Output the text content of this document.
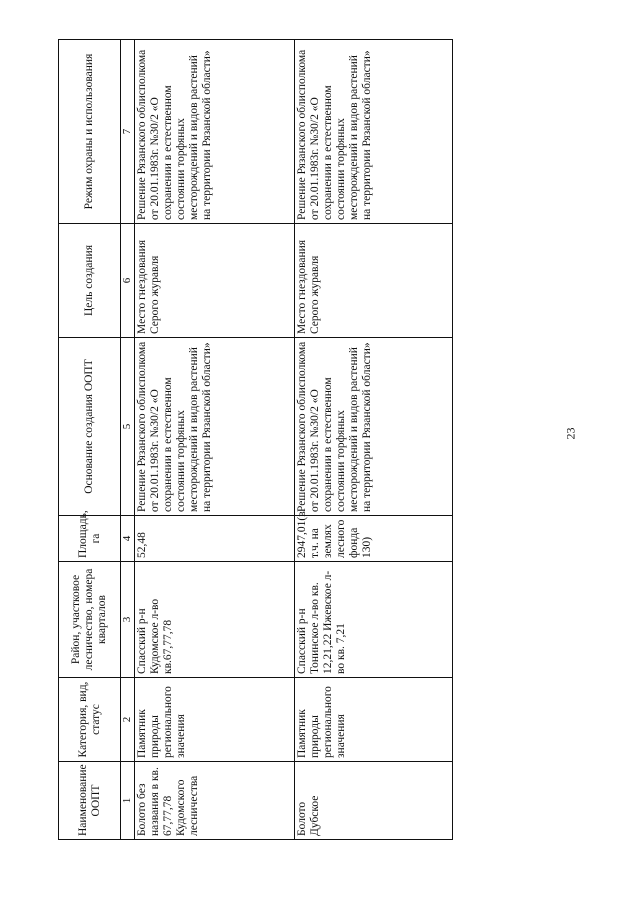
Наименование ООПТ	Категория, вид, статус	Район, участковое лесничество, номера кварталов	Площадь, га	Основание создания ООПТ	Цель создания	Режим охраны и использования
1	2	3	4	5	6	7
Болото без названия в кв. 67,77,78 Кудомского лесничества	Памятник природы регионального значения	Спасский р-н Кудомское л-во кв.67,77,78	52,48	Решение Рязанского облисполкома от 20.01.1983г. №30/2 «О сохранении в естественном состоянии торфяных месторождений и видов растений на территории Рязанской области»	Место гнездования Серого журавля	Решение Рязанского облисполкома от 20.01.1983г. №30/2 «О сохранении в естественном состоянии торфяных месторождений и видов растений на территории Рязанской области»
Болото Дубское	Памятник природы регионального значения	Спасский р-н Тонинское л-во кв. 12,21,22 Ижевское л-во кв. 7,21	2947,01(в т.ч. на землях лесного фонда 130)	Решение Рязанского облисполкома от 20.01.1983г. №30/2 «О сохранении в естественном состоянии торфяных месторождений и видов растений на территории Рязанской области»	Место гнездования Серого журавля	Решение Рязанского облисполкома от 20.01.1983г. №30/2 «О сохранении в естественном состоянии торфяных месторождений и видов растений на территории Рязанской области»
23
